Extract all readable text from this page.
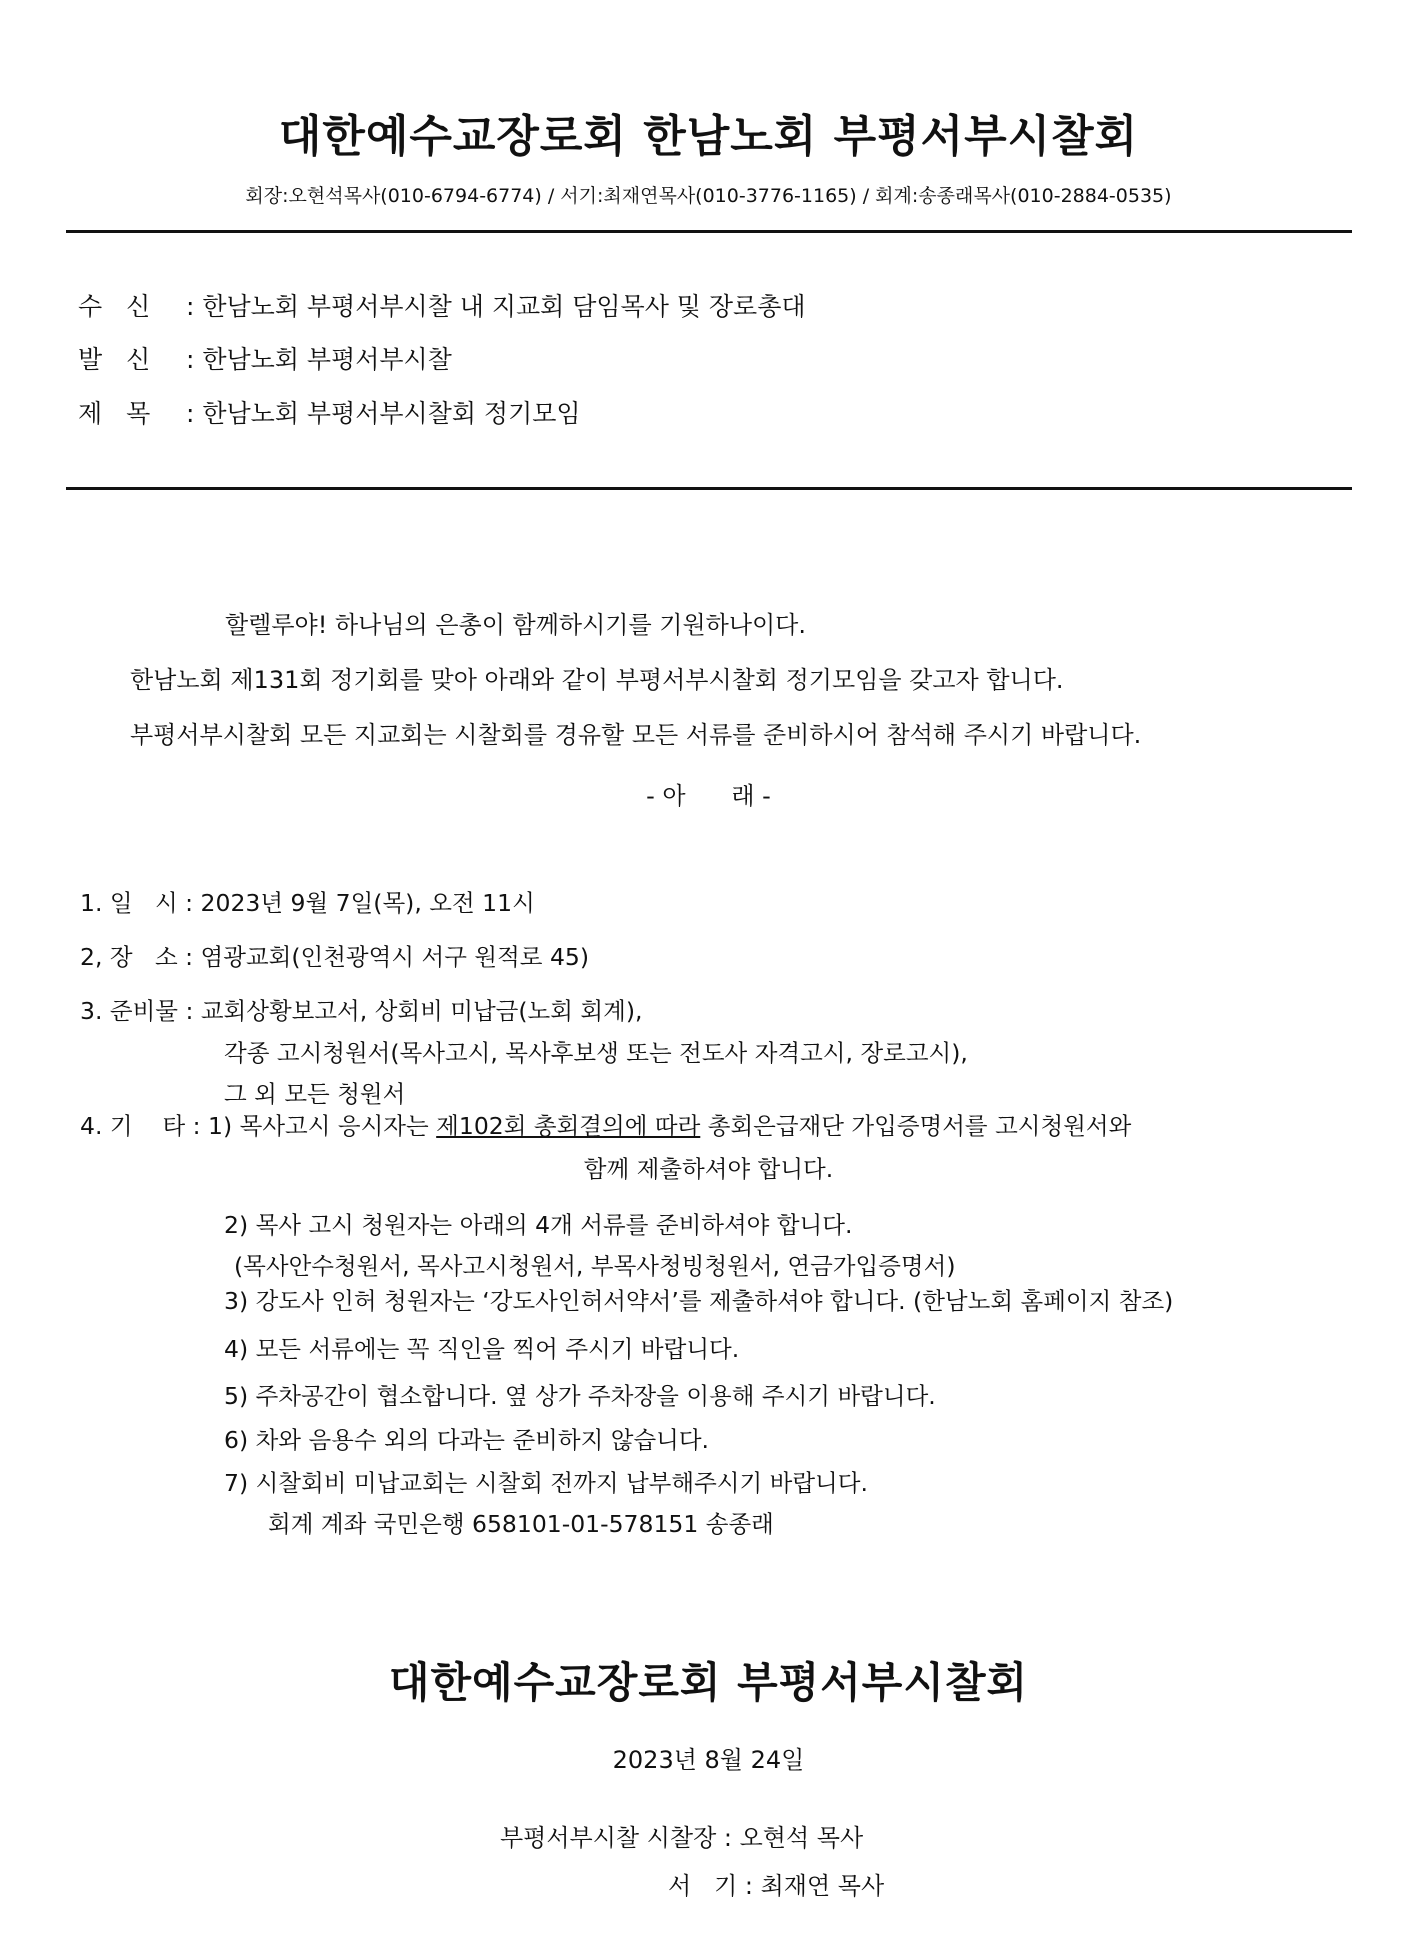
대한예수교장로회 한남노회 부평서부시찰회
회장:오현석목사(010-6794-6774) / 서기:최재연목사(010-3776-1165) / 회계:송종래목사(010-2884-0535)
수 신 : 한남노회 부평서부시찰 내 지교회 담임목사 및 장로총대
발 신 : 한남노회 부평서부시찰
제 목 : 한남노회 부평서부시찰회 정기모임
할렐루야! 하나님의 은총이 함께하시기를 기원하나이다.
한남노회 제131회 정기회를 맞아 아래와 같이 부평서부시찰회 정기모임을 갖고자 합니다.
부평서부시찰회 모든 지교회는 시찰회를 경유할 모든 서류를 준비하시어 참석해 주시기 바랍니다.
- 아      래 -
1. 일   시 : 2023년 9월 7일(목), 오전 11시
2, 장   소 : 염광교회(인천광역시 서구 원적로 45)
3. 준비물 : 교회상황보고서, 상회비 미납금(노회 회계),
각종 고시청원서(목사고시, 목사후보생 또는 전도사 자격고시, 장로고시),
그 외 모든 청원서
4. 기    타 : 1) 목사고시 응시자는 제102회 총회결의에 따라 총회은급재단 가입증명서를 고시청원서와
함께 제출하셔야 합니다.
2) 목사 고시 청원자는 아래의 4개 서류를 준비하셔야 합니다.
(목사안수청원서, 목사고시청원서, 부목사청빙청원서, 연금가입증명서)
3) 강도사 인허 청원자는 ‘강도사인허서약서’를 제출하셔야 합니다. (한남노회 홈페이지 참조)
4) 모든 서류에는 꼭 직인을 찍어 주시기 바랍니다.
5) 주차공간이 협소합니다. 옆 상가 주차장을 이용해 주시기 바랍니다.
6) 차와 음용수 외의 다과는 준비하지 않습니다.
7) 시찰회비 미납교회는 시찰회 전까지 납부해주시기 바랍니다.
회계 계좌 국민은행 658101-01-578151 송종래
대한예수교장로회 부평서부시찰회
2023년 8월 24일
부평서부시찰 시찰장 : 오현석 목사
서   기 : 최재연 목사
